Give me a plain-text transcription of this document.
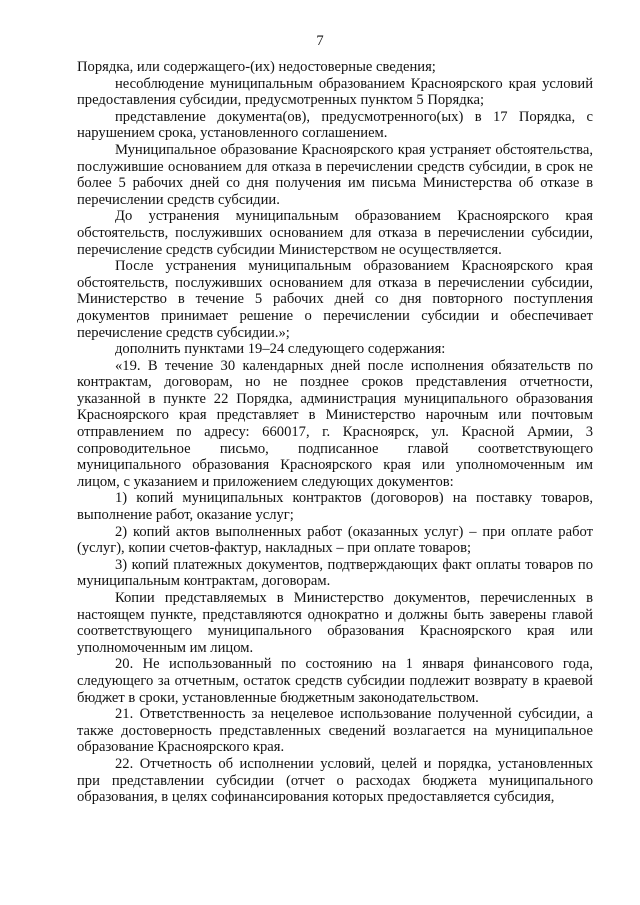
7

Порядка, или содержащего-(их) недостоверные сведения;

несоблюдение муниципальным образованием Красноярского края условий предоставления субсидии, предусмотренных пунктом 5 Порядка;

представление документа(ов), предусмотренного(ых) в 17 Порядка, с нарушением срока, установленного соглашением.

Муниципальное образование Красноярского края устраняет обстоятельства, послужившие основанием для отказа в перечислении средств субсидии, в срок не более 5 рабочих дней со дня получения им письма Министерства об отказе в перечислении средств субсидии.

До устранения муниципальным образованием Красноярского края обстоятельств, послуживших основанием для отказа в перечислении субсидии, перечисление средств субсидии Министерством не осуществляется.

После устранения муниципальным образованием Красноярского края обстоятельств, послуживших основанием для отказа в перечислении субсидии, Министерство в течение 5 рабочих дней со дня повторного поступления документов принимает решение о перечислении субсидии и обеспечивает перечисление средств субсидии.»;

дополнить пунктами 19–24 следующего содержания:

«19. В течение 30 календарных дней после исполнения обязательств по контрактам, договорам, но не позднее сроков представления отчетности, указанной в пункте 22 Порядка, администрация муниципального образования Красноярского края представляет в Министерство нарочным или почтовым отправлением по адресу: 660017, г. Красноярск, ул. Красной Армии, 3 сопроводительное письмо, подписанное главой соответствующего муниципального образования Красноярского края или уполномоченным им лицом, с указанием и приложением следующих документов:

1) копий муниципальных контрактов (договоров) на поставку товаров, выполнение работ, оказание услуг;

2) копий актов выполненных работ (оказанных услуг) – при оплате работ (услуг), копии счетов-фактур, накладных – при оплате товаров;

3) копий платежных документов, подтверждающих факт оплаты товаров по муниципальным контрактам, договорам.

Копии представляемых в Министерство документов, перечисленных в настоящем пункте, представляются однократно и должны быть заверены главой соответствующего муниципального образования Красноярского края или уполномоченным им лицом.

20. Не использованный по состоянию на 1 января финансового года, следующего за отчетным, остаток средств субсидии подлежит возврату в краевой бюджет в сроки, установленные бюджетным законодательством.

21. Ответственность за нецелевое использование полученной субсидии, а также достоверность представленных сведений возлагается на муниципальное образование Красноярского края.

22. Отчетность об исполнении условий, целей и порядка, установленных при представлении субсидии (отчет о расходах бюджета муниципального образования, в целях софинансирования которых предоставляется субсидия,
